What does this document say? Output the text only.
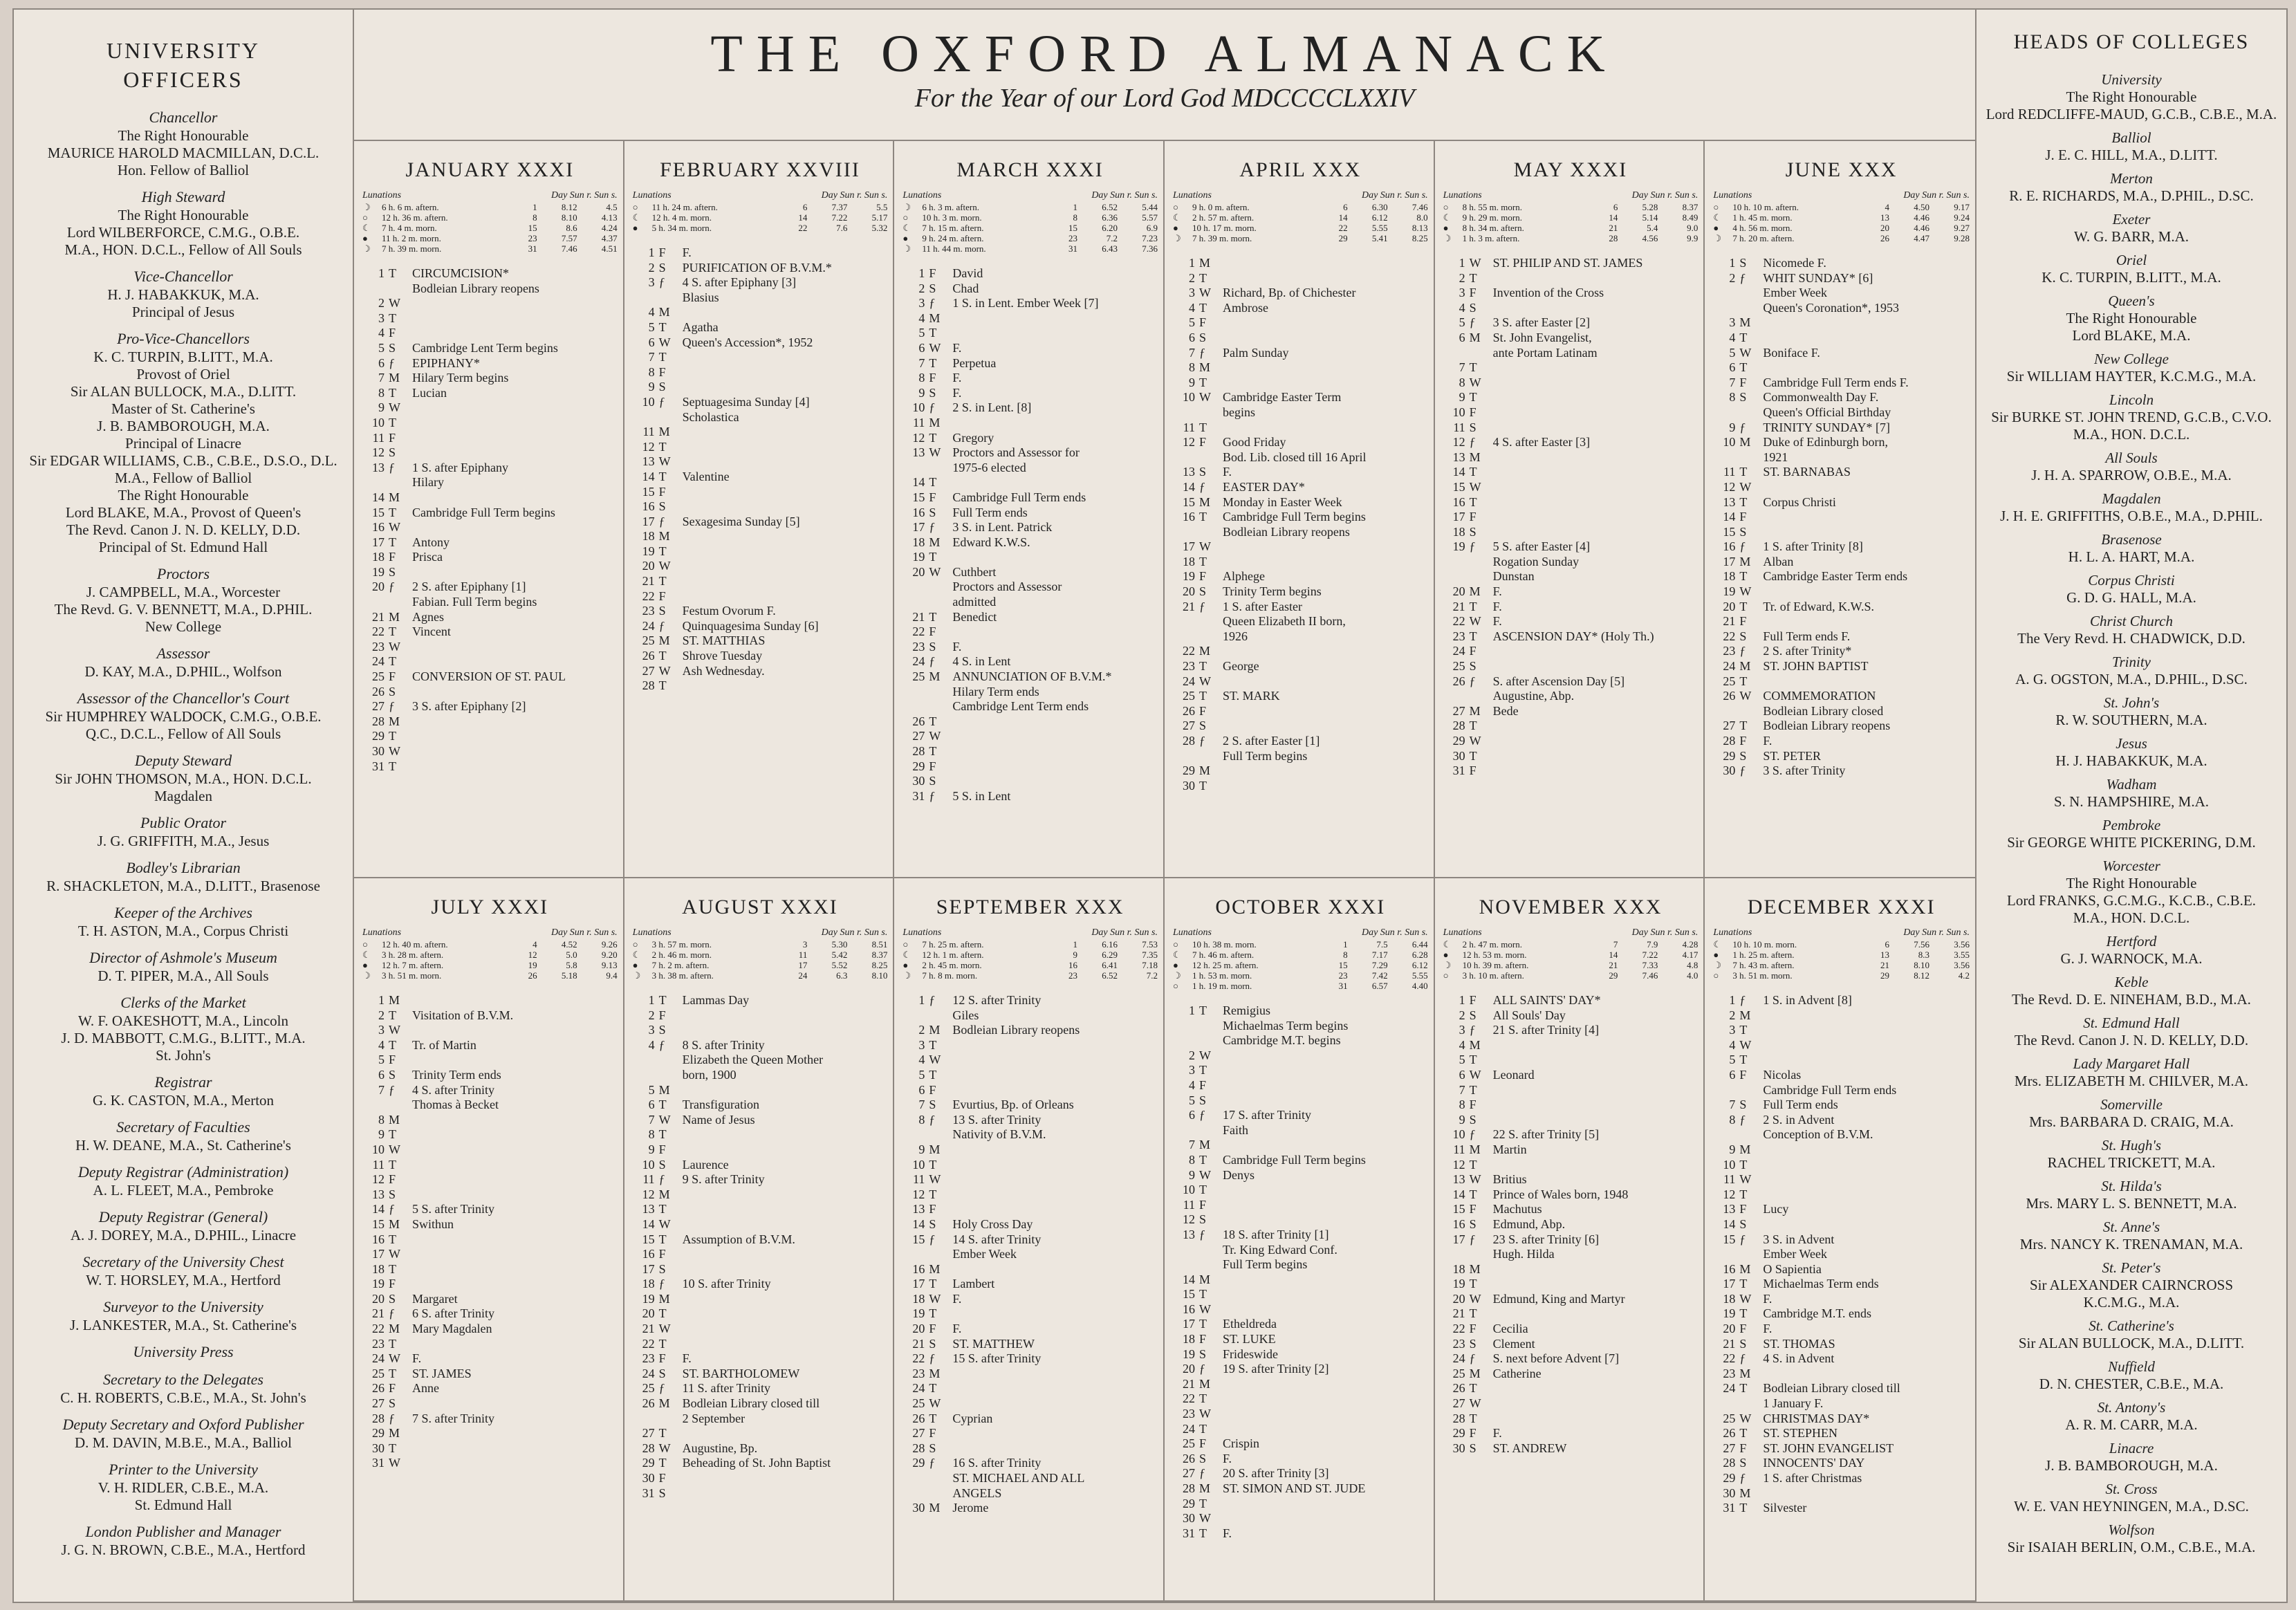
UNIVERSITY
OFFICERS
Chancellor
The Right Honourable
MAURICE HAROLD MACMILLAN, D.C.L.
Hon. Fellow of Balliol
High Steward
The Right Honourable
Lord WILBERFORCE, C.M.G., O.B.E.
M.A., HON. D.C.L., Fellow of All Souls
Vice-Chancellor
H. J. HABAKKUK, M.A.
Principal of Jesus
Pro-Vice-Chancellors
K. C. TURPIN, B.LITT., M.A.
Provost of Oriel
Sir ALAN BULLOCK, M.A., D.LITT.
Master of St. Catherine's
J. B. BAMBOROUGH, M.A.
Principal of Linacre
Sir EDGAR WILLIAMS, C.B., C.B.E., D.S.O., D.L.
M.A., Fellow of Balliol
The Right Honourable
Lord BLAKE, M.A., Provost of Queen's
The Revd. Canon J. N. D. KELLY, D.D.
Principal of St. Edmund Hall
Proctors
J. CAMPBELL, M.A., Worcester
The Revd. G. V. BENNETT, M.A., D.PHIL.
New College
Assessor
D. KAY, M.A., D.PHIL., Wolfson
Assessor of the Chancellor's Court
Sir HUMPHREY WALDOCK, C.M.G., O.B.E.
Q.C., D.C.L., Fellow of All Souls
Deputy Steward
Sir JOHN THOMSON, M.A., HON. D.C.L.
Magdalen
Public Orator
J. G. GRIFFITH, M.A., Jesus
Bodley's Librarian
R. SHACKLETON, M.A., D.LITT., Brasenose
Keeper of the Archives
T. H. ASTON, M.A., Corpus Christi
Director of Ashmole's Museum
D. T. PIPER, M.A., All Souls
Clerks of the Market
W. F. OAKESHOTT, M.A., Lincoln
J. D. MABBOTT, C.M.G., B.LITT., M.A.
St. John's
Registrar
G. K. CASTON, M.A., Merton
Secretary of Faculties
H. W. DEANE, M.A., St. Catherine's
Deputy Registrar (Administration)
A. L. FLEET, M.A., Pembroke
Deputy Registrar (General)
A. J. DOREY, M.A., D.PHIL., Linacre
Secretary of the University Chest
W. T. HORSLEY, M.A., Hertford
Surveyor to the University
J. LANKESTER, M.A., St. Catherine's
University Press
Secretary to the Delegates
C. H. ROBERTS, C.B.E., M.A., St. John's
Deputy Secretary and Oxford Publisher
D. M. DAVIN, M.B.E., M.A., Balliol
Printer to the University
V. H. RIDLER, C.B.E., M.A.
St. Edmund Hall
London Publisher and Manager
J. G. N. BROWN, C.B.E., M.A., Hertford
THE OXFORD ALMANACK
For the Year of our Lord God MDCCCCLXXIV
JANUARY XXXI
Lunations	Day Sun r. Sun s.
☽	6 h. 6 m. aftern.	1	8.12	4.5
○	12 h. 36 m. aftern.	8	8.10	4.13
☾	7 h. 4 m. morn.	15	8.6	4.24
●	11 h. 2 m. morn.	23	7.57	4.37
☽	7 h. 39 m. morn.	31	7.46	4.51
1 T	CIRCUMCISION*
Bodleian Library reopens
2 W
3 T
4 F
5 S	Cambridge Lent Term begins
6 ƒ	EPIPHANY*
7 M Hilary Term begins
8 T	Lucian
9 W
10 T
11 F
12 S
13 ƒ	1 S. after Epiphany
Hilary
14 M
15 T	Cambridge Full Term begins
16 W
17 T	Antony
18 F	Prisca
19 S
20 ƒ	2 S. after Epiphany [1]
Fabian. Full Term begins
21 M Agnes
22 T	Vincent
23 W
24 T
25 F	CONVERSION OF ST. PAUL
26 S
27 ƒ	3 S. after Epiphany [2]
28 M
29 T
30 W
31 T
FEBRUARY XXVIII
Lunations	Day Sun r. Sun s.
○	11 h. 24 m. aftern.	6	7.37	5.5
☾	12 h. 4 m. morn.	14	7.22	5.17
●	5 h. 34 m. morn.	22	7.6	5.32
1 F	F.
2 S	PURIFICATION OF B.V.M.*
3 ƒ	4 S. after Epiphany [3]
Blasius
4 M
5 T	Agatha
6 W Queen's Accession*, 1952
7 T
8 F
9 S
10 ƒ	Septuagesima Sunday [4]
Scholastica
11 M
12 T
13 W
14 T	Valentine
15 F
16 S
17 ƒ	Sexagesima Sunday [5]
18 M
19 T
20 W
21 T
22 F
23 S	Festum Ovorum F.
24 ƒ	Quinquagesima Sunday [6]
25 M ST. MATTHIAS
26 T	Shrove Tuesday
27 W Ash Wednesday.
28 T
MARCH XXXI
Lunations	Day Sun r. Sun s.
☽	6 h. 3 m. aftern.	1	6.52	5.44
○	10 h. 3 m. morn.	8	6.36	5.57
☾	7 h. 15 m. aftern.	15	6.20	6.9
●	9 h. 24 m. aftern.	23	7.2	7.23
☽	11 h. 44 m. morn.	31	6.43	7.36
1 F	David
2 S	Chad
3 ƒ	1 S. in Lent. Ember Week [7]
4 M
5 T
6 W F.
7 T	Perpetua
8 F	F.
9 S	F.
10 ƒ	2 S. in Lent. [8]
11 M
12 T	Gregory
13 W Proctors and Assessor for
1975-6 elected
14 T
15 F	Cambridge Full Term ends
16 S	Full Term ends
17 ƒ	3 S. in Lent. Patrick
18 M Edward K.W.S.
19 T
20 W Cuthbert
Proctors and Assessor
admitted
21 T	Benedict
22 F
23 S	F.
24 ƒ	4 S. in Lent
25 M ANNUNCIATION OF B.V.M.*
Hilary Term ends
Cambridge Lent Term ends
26 T
27 W
28 T
29 F
30 S
31 ƒ	5 S. in Lent
APRIL XXX
Lunations	Day Sun r. Sun s.
○	9 h. 0 m. aftern.	6	6.30	7.46
☾	2 h. 57 m. aftern.	14	6.12	8.0
●	10 h. 17 m. morn.	22	5.55	8.13
☽	7 h. 39 m. morn.	29	5.41	8.25
1 M
2 T
3 W Richard, Bp. of Chichester
4 T	Ambrose
5 F
6 S
7 ƒ	Palm Sunday
8 M
9 T
10 W Cambridge Easter Term
begins
11 T
12 F	Good Friday
Bod. Lib. closed till 16 April
13 S	F.
14 ƒ	EASTER DAY*
15 M Monday in Easter Week
16 T	Cambridge Full Term begins
Bodleian Library reopens
17 W
18 T
19 F	Alphege
20 S	Trinity Term begins
21 ƒ	1 S. after Easter
Queen Elizabeth II born,
1926
22 M
23 T	George
24 W
25 T	ST. MARK
26 F
27 S
28 ƒ	2 S. after Easter [1]
Full Term begins
29 M
30 T
MAY XXXI
Lunations	Day Sun r. Sun s.
○	8 h. 55 m. morn.	6	5.28	8.37
☾	9 h. 29 m. morn.	14	5.14	8.49
●	8 h. 34 m. aftern.	21	5.4	9.0
☽	1 h. 3 m. aftern.	28	4.56	9.9
1 W ST. PHILIP AND ST. JAMES
2 T
3 F	Invention of the Cross
4 S
5 ƒ	3 S. after Easter [2]
6 M St. John Evangelist,
ante Portam Latinam
7 T
8 W
9 T
10 F
11 S
12 ƒ	4 S. after Easter [3]
13 M
14 T
15 W
16 T
17 F
18 S
19 ƒ	5 S. after Easter [4]
Rogation Sunday
Dunstan
20 M F.
21 T	F.
22 W F.
23 T	ASCENSION DAY* (Holy Th.)
24 F
25 S
26 ƒ	S. after Ascension Day [5]
Augustine, Abp.
27 M Bede
28 T
29 W
30 T
31 F
JUNE XXX
Lunations	Day Sun r. Sun s.
○	10 h. 10 m. aftern.	4	4.50	9.17
☾	1 h. 45 m. morn.	13	4.46	9.24
●	4 h. 56 m. morn.	20	4.46	9.27
☽	7 h. 20 m. aftern.	26	4.47	9.28
1 S	Nicomede F.
2 ƒ	WHIT SUNDAY* [6]
Ember Week
Queen's Coronation*, 1953
3 M
4 T
5 W Boniface F.
6 T
7 F	Cambridge Full Term ends F.
8 S	Commonwealth Day F.
Queen's Official Birthday
9 ƒ	TRINITY SUNDAY* [7]
10 M Duke of Edinburgh born,
1921
11 T	ST. BARNABAS
12 W
13 T	Corpus Christi
14 F
15 S
16 ƒ	1 S. after Trinity [8]
17 M Alban
18 T	Cambridge Easter Term ends
19 W
20 T	Tr. of Edward, K.W.S.
21 F
22 S	Full Term ends F.
23 ƒ	2 S. after Trinity*
24 M ST. JOHN BAPTIST
25 T
26 W COMMEMORATION
Bodleian Library closed
27 T	Bodleian Library reopens
28 F	F.
29 S	ST. PETER
30 ƒ	3 S. after Trinity
JULY XXXI
Lunations	Day Sun r. Sun s.
○	12 h. 40 m. aftern.	4	4.52	9.26
☾	3 h. 28 m. aftern.	12	5.0	9.20
●	12 h. 7 m. aftern.	19	5.8	9.13
☽	3 h. 51 m. morn.	26	5.18	9.4
1 M
2 T	Visitation of B.V.M.
3 W
4 T	Tr. of Martin
5 F
6 S	Trinity Term ends
7 ƒ	4 S. after Trinity
Thomas à Becket
8 M
9 T
10 W
11 T
12 F
13 S
14 ƒ	5 S. after Trinity
15 M Swithun
16 T
17 W
18 T
19 F
20 S	Margaret
21 ƒ	6 S. after Trinity
22 M Mary Magdalen
23 T
24 W F.
25 T	ST. JAMES
26 F	Anne
27 S
28 ƒ	7 S. after Trinity
29 M
30 T
31 W
AUGUST XXXI
Lunations	Day Sun r. Sun s.
○	3 h. 57 m. morn.	3	5.30	8.51
☾	2 h. 46 m. morn.	11	5.42	8.37
●	7 h. 2 m. aftern.	17	5.52	8.25
☽	3 h. 38 m. aftern.	24	6.3	8.10
1 T	Lammas Day
2 F
3 S
4 ƒ	8 S. after Trinity
Elizabeth the Queen Mother
born, 1900
5 M
6 T	Transfiguration
7 W Name of Jesus
8 T
9 F
10 S	Laurence
11 ƒ	9 S. after Trinity
12 M
13 T
14 W
15 T	Assumption of B.V.M.
16 F
17 S
18 ƒ	10 S. after Trinity
19 M
20 T
21 W
22 T
23 F	F.
24 S	ST. BARTHOLOMEW
25 ƒ	11 S. after Trinity
26 M Bodleian Library closed till
2 September
27 T
28 W Augustine, Bp.
29 T	Beheading of St. John Baptist
30 F
31 S
SEPTEMBER XXX
Lunations	Day Sun r. Sun s.
○	7 h. 25 m. aftern.	1	6.16	7.53
☾	12 h. 1 m. aftern.	9	6.29	7.35
●	2 h. 45 m. morn.	16	6.41	7.18
☽	7 h. 8 m. morn.	23	6.52	7.2
1 ƒ	12 S. after Trinity
Giles
2 M Bodleian Library reopens
3 T
4 W
5 T
6 F
7 S	Evurtius, Bp. of Orleans
8 ƒ	13 S. after Trinity
Nativity of B.V.M.
9 M
10 T
11 W
12 T
13 F
14 S	Holy Cross Day
15 ƒ	14 S. after Trinity
Ember Week
16 M
17 T	Lambert
18 W F.
19 T
20 F	F.
21 S	ST. MATTHEW
22 ƒ	15 S. after Trinity
23 M
24 T
25 W
26 T	Cyprian
27 F
28 S
29 ƒ	16 S. after Trinity
ST. MICHAEL AND ALL
ANGELS
30 M Jerome
OCTOBER XXXI
Lunations	Day Sun r. Sun s.
○	10 h. 38 m. morn.	1	7.5	6.44
☾	7 h. 46 m. aftern.	8	7.17	6.28
●	12 h. 25 m. aftern.	15	7.29	6.12
☽	1 h. 53 m. morn.	23	7.42	5.55
○	1 h. 19 m. morn.	31	6.57	4.40
1 T	Remigius
Michaelmas Term begins
Cambridge M.T. begins
2 W
3 T
4 F
5 S
6 ƒ	17 S. after Trinity
Faith
7 M
8 T	Cambridge Full Term begins
9 W Denys
10 T
11 F
12 S
13 ƒ	18 S. after Trinity [1]
Tr. King Edward Conf.
Full Term begins
14 M
15 T
16 W
17 T	Etheldreda
18 F	ST. LUKE
19 S	Frideswide
20 ƒ	19 S. after Trinity [2]
21 M
22 T
23 W
24 T
25 F	Crispin
26 S	F.
27 ƒ	20 S. after Trinity [3]
28 M ST. SIMON AND ST. JUDE
29 T
30 W
31 T	F.
NOVEMBER XXX
Lunations	Day Sun r. Sun s.
☾	2 h. 47 m. morn.	7	7.9	4.28
●	12 h. 53 m. morn.	14	7.22	4.17
☽	10 h. 39 m. aftern.	21	7.33	4.8
○	3 h. 10 m. aftern.	29	7.46	4.0
1 F	ALL SAINTS' DAY*
2 S	All Souls' Day
3 ƒ	21 S. after Trinity [4]
4 M
5 T
6 W Leonard
7 T
8 F
9 S
10 ƒ	22 S. after Trinity [5]
11 M Martin
12 T
13 W Britius
14 T	Prince of Wales born, 1948
15 F	Machutus
16 S	Edmund, Abp.
17 ƒ	23 S. after Trinity [6]
Hugh. Hilda
18 M
19 T
20 W Edmund, King and Martyr
21 T
22 F	Cecilia
23 S	Clement
24 ƒ	S. next before Advent [7]
25 M Catherine
26 T
27 W
28 T
29 F	F.
30 S	ST. ANDREW
DECEMBER XXXI
Lunations	Day Sun r. Sun s.
☾	10 h. 10 m. morn.	6	7.56	3.56
●	1 h. 25 m. aftern.	13	8.3	3.55
☽	7 h. 43 m. aftern.	21	8.10	3.56
○	3 h. 51 m. morn.	29	8.12	4.2
1 ƒ	1 S. in Advent [8]
2 M
3 T
4 W
5 T
6 F	Nicolas
Cambridge Full Term ends
7 S	Full Term ends
8 ƒ	2 S. in Advent
Conception of B.V.M.
9 M
10 T
11 W
12 T
13 F	Lucy
14 S
15 ƒ	3 S. in Advent
Ember Week
16 M O Sapientia
17 T	Michaelmas Term ends
18 W F.
19 T	Cambridge M.T. ends
20 F	F.
21 S	ST. THOMAS
22 ƒ	4 S. in Advent
23 M
24 T	Bodleian Library closed till
1 January F.
25 W CHRISTMAS DAY*
26 T	ST. STEPHEN
27 F	ST. JOHN EVANGELIST
28 S	INNOCENTS' DAY
29 ƒ	1 S. after Christmas
30 M
31 T	Silvester
HEADS OF COLLEGES
University
The Right Honourable
Lord REDCLIFFE-MAUD, G.C.B., C.B.E., M.A.
Balliol
J. E. C. HILL, M.A., D.LITT.
Merton
R. E. RICHARDS, M.A., D.PHIL., D.SC.
Exeter
W. G. BARR, M.A.
Oriel
K. C. TURPIN, B.LITT., M.A.
Queen's
The Right Honourable
Lord BLAKE, M.A.
New College
Sir WILLIAM HAYTER, K.C.M.G., M.A.
Lincoln
Sir BURKE ST. JOHN TREND, G.C.B., C.V.O.
M.A., HON. D.C.L.
All Souls
J. H. A. SPARROW, O.B.E., M.A.
Magdalen
J. H. E. GRIFFITHS, O.B.E., M.A., D.PHIL.
Brasenose
H. L. A. HART, M.A.
Corpus Christi
G. D. G. HALL, M.A.
Christ Church
The Very Revd. H. CHADWICK, D.D.
Trinity
A. G. OGSTON, M.A., D.PHIL., D.SC.
St. John's
R. W. SOUTHERN, M.A.
Jesus
H. J. HABAKKUK, M.A.
Wadham
S. N. HAMPSHIRE, M.A.
Pembroke
Sir GEORGE WHITE PICKERING, D.M.
Worcester
The Right Honourable
Lord FRANKS, G.C.M.G., K.C.B., C.B.E.
M.A., HON. D.C.L.
Hertford
G. J. WARNOCK, M.A.
Keble
The Revd. D. E. NINEHAM, B.D., M.A.
St. Edmund Hall
The Revd. Canon J. N. D. KELLY, D.D.
Lady Margaret Hall
Mrs. ELIZABETH M. CHILVER, M.A.
Somerville
Mrs. BARBARA D. CRAIG, M.A.
St. Hugh's
RACHEL TRICKETT, M.A.
St. Hilda's
Mrs. MARY L. S. BENNETT, M.A.
St. Anne's
Mrs. NANCY K. TRENAMAN, M.A.
St. Peter's
Sir ALEXANDER CAIRNCROSS
K.C.M.G., M.A.
St. Catherine's
Sir ALAN BULLOCK, M.A., D.LITT.
Nuffield
D. N. CHESTER, C.B.E., M.A.
St. Antony's
A. R. M. CARR, M.A.
Linacre
J. B. BAMBOROUGH, M.A.
St. Cross
W. E. VAN HEYNINGEN, M.A., D.SC.
Wolfson
Sir ISAIAH BERLIN, O.M., C.B.E., M.A.
